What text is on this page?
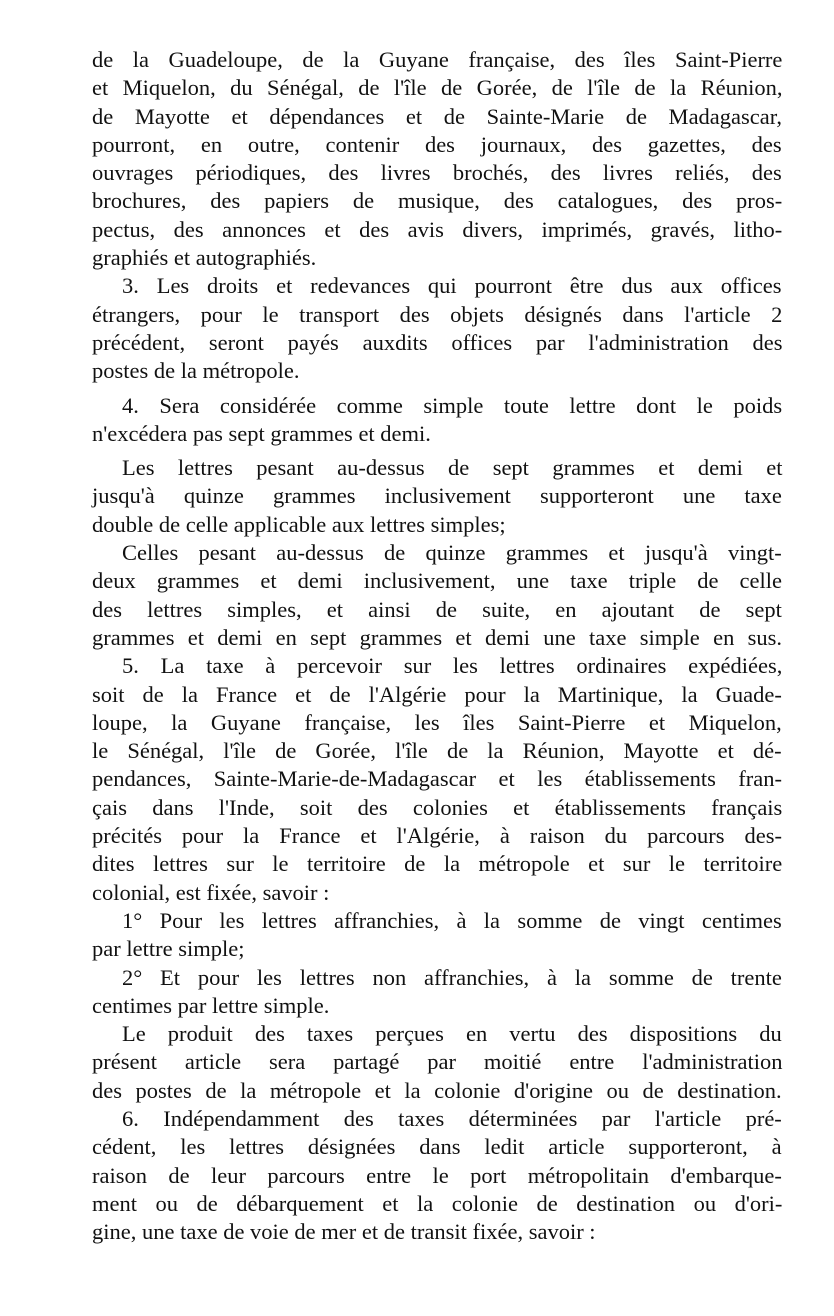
de la Guadeloupe, de la Guyane française, des îles Saint-Pierre
et Miquelon, du Sénégal, de l'île de Gorée, de l'île de la Réunion,
de Mayotte et dépendances et de Sainte-Marie de Madagascar,
pourront, en outre, contenir des journaux, des gazettes, des
ouvrages périodiques, des livres brochés, des livres reliés, des
brochures, des papiers de musique, des catalogues, des pros-
pectus, des annonces et des avis divers, imprimés, gravés, litho-
graphiés et autographiés.
3. Les droits et redevances qui pourront être dus aux offices
étrangers, pour le transport des objets désignés dans l'article 2
précédent, seront payés auxdits offices par l'administration des
postes de la métropole.
4. Sera considérée comme simple toute lettre dont le poids
n'excédera pas sept grammes et demi.
Les lettres pesant au-dessus de sept grammes et demi et
jusqu'à quinze grammes inclusivement supporteront une taxe
double de celle applicable aux lettres simples;
Celles pesant au-dessus de quinze grammes et jusqu'à vingt-
deux grammes et demi inclusivement, une taxe triple de celle
des lettres simples, et ainsi de suite, en ajoutant de sept
grammes et demi en sept grammes et demi une taxe simple en sus.
5. La taxe à percevoir sur les lettres ordinaires expédiées,
soit de la France et de l'Algérie pour la Martinique, la Guade-
loupe, la Guyane française, les îles Saint-Pierre et Miquelon,
le Sénégal, l'île de Gorée, l'île de la Réunion, Mayotte et dé-
pendances, Sainte-Marie-de-Madagascar et les établissements fran-
çais dans l'Inde, soit des colonies et établissements français
précités pour la France et l'Algérie, à raison du parcours des-
dites lettres sur le territoire de la métropole et sur le territoire
colonial, est fixée, savoir :
1° Pour les lettres affranchies, à la somme de vingt centimes
par lettre simple;
2° Et pour les lettres non affranchies, à la somme de trente
centimes par lettre simple.
Le produit des taxes perçues en vertu des dispositions du
présent article sera partagé par moitié entre l'administration
des postes de la métropole et la colonie d'origine ou de destination.
6. Indépendamment des taxes déterminées par l'article pré-
cédent, les lettres désignées dans ledit article supporteront, à
raison de leur parcours entre le port métropolitain d'embarque-
ment ou de débarquement et la colonie de destination ou d'ori-
gine, une taxe de voie de mer et de transit fixée, savoir :
